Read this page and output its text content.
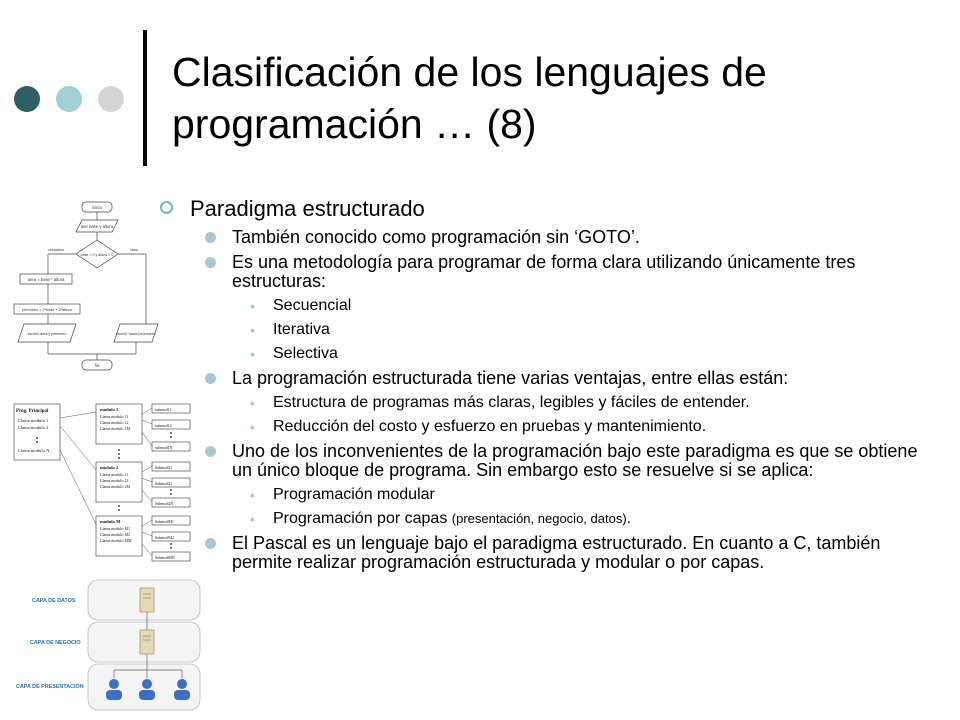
Clasificación de los lenguajes de
programación … (8)
inicio
leer base y altura
base > 0 y altura > 0
verdadero	falso
area = base * altura
perimetro = 2*base + 2*altura
escribir area y perimetro	escribir "datos incorrectos"
fin
Prog. Principal
Llama modulo 1
Llama modulo 2
Llama modulo N
modulo 1
Llama modulo 11
Llama modulo 12
Llama modulo 1M
submod11
submod12
submod1N
modulo 2
Llama modulo 21
Llama modulo 22
Llama modulo 2M
Submod21
Submod22
Submod2N
modulo M
Llama modulo M1
Llama modulo M2
Llama modulo MM
SubmodM1
SubmodM2
SubmodMN
CAPA DE DATOS
CAPA DE NEGOCIO
CAPA DE PRESENTACIÓN
Paradigma estructurado
También conocido como programación sin ‘GOTO’.
Es una metodología para programar de forma clara utilizando únicamente tres estructuras:
• Secuencial
• Iterativa
• Selectiva
La programación estructurada tiene varias ventajas, entre ellas están:
• Estructura de programas más claras, legibles y fáciles de entender.
• Reducción del costo y esfuerzo en pruebas y mantenimiento.
Uno de los inconvenientes de la programación bajo este paradigma es que se obtiene un único bloque de programa. Sin embargo esto se resuelve si se aplica:
• Programación modular
• Programación por capas (presentación, negocio, datos).
El Pascal es un lenguaje bajo el paradigma estructurado. En cuanto a C, también permite realizar programación estructurada y modular o por capas.
